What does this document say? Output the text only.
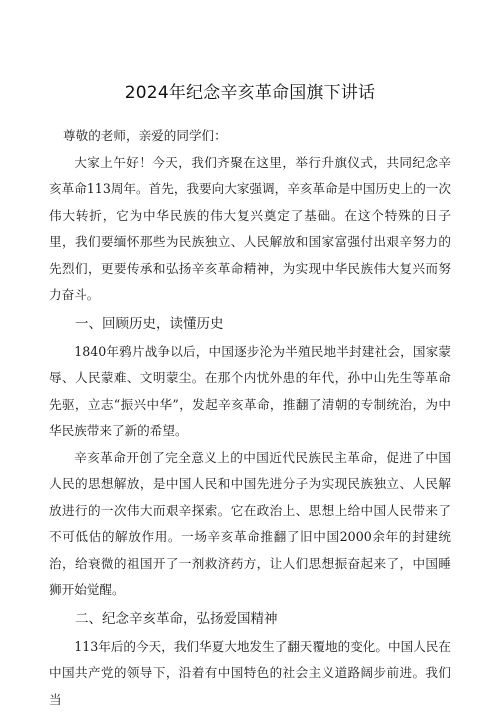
2024年纪念辛亥革命国旗下讲话
尊敬的老师，亲爱的同学们：

大家上午好！今天，我们齐聚在这里，举行升旗仪式，共同纪念辛亥革命113周年。首先，我要向大家强调，辛亥革命是中国历史上的一次伟大转折，它为中华民族的伟大复兴奠定了基础。在这个特殊的日子里，我们要缅怀那些为民族独立、人民解放和国家富强付出艰辛努力的先烈们，更要传承和弘扬辛亥革命精神，为实现中华民族伟大复兴而努力奋斗。

一、回顾历史，读懂历史

1840年鸦片战争以后，中国逐步沦为半殖民地半封建社会，国家蒙辱、人民蒙难、文明蒙尘。在那个内忧外患的年代，孙中山先生等革命先驱，立志“振兴中华”，发起辛亥革命，推翻了清朝的专制统治，为中华民族带来了新的希望。

辛亥革命开创了完全意义上的中国近代民族民主革命，促进了中国人民的思想解放，是中国人民和中国先进分子为实现民族独立、人民解放进行的一次伟大而艰辛探索。它在政治上、思想上给中国人民带来了不可低估的解放作用。一场辛亥革命推翻了旧中国2000余年的封建统治，给衰微的祖国开了一剂救济药方，让人们思想振奋起来了，中国睡狮开始觉醒。

二、纪念辛亥革命，弘扬爱国精神

113年后的今天，我们华夏大地发生了翻天覆地的变化。中国人民在中国共产党的领导下，沿着有中国特色的社会主义道路阔步前进。我们当
